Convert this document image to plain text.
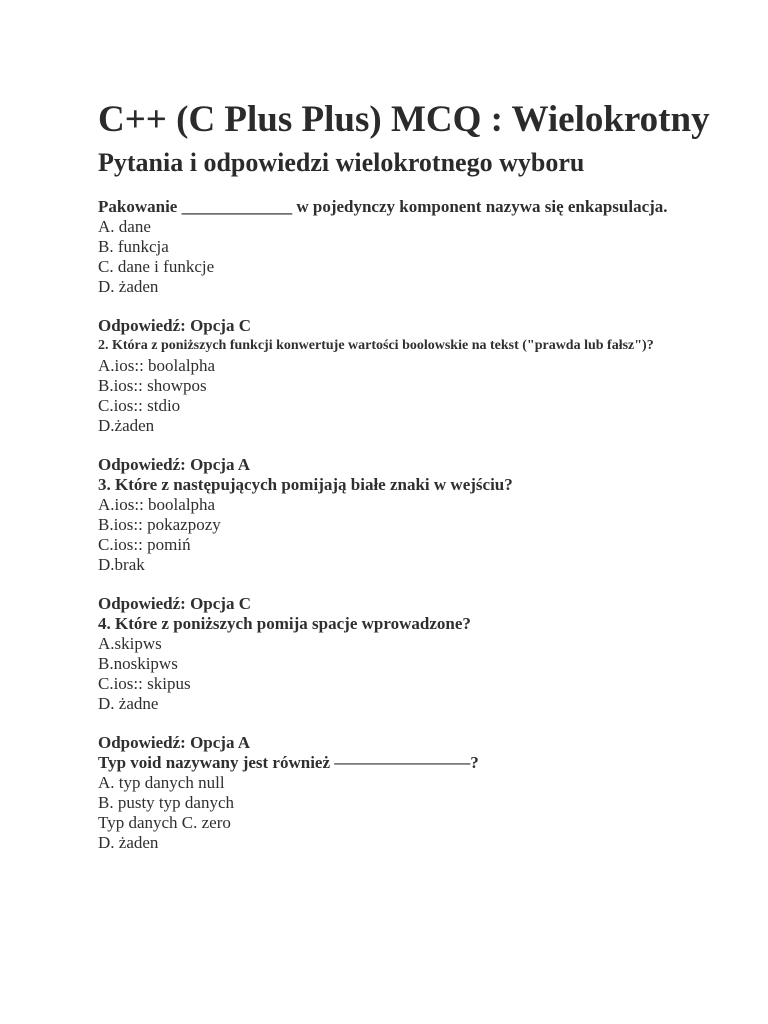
C++ (C Plus Plus) MCQ : Wielokrotny
Pytania i odpowiedzi wielokrotnego wyboru
Pakowanie _____________ w pojedynczy komponent nazywa się enkapsulacja.
A. dane
B. funkcja
C. dane i funkcje
D. żaden
Odpowiedź: Opcja C
2. Która z poniższych funkcji konwertuje wartości boolowskie na tekst ("prawda lub fałsz")?
A.ios:: boolalpha
B.ios:: showpos
C.ios:: stdio
D.żaden
Odpowiedź: Opcja A
3. Które z następujących pomijają białe znaki w wejściu?
A.ios:: boolalpha
B.ios:: pokazpozy
C.ios:: pomiń
D.brak
Odpowiedź: Opcja C
4. Które z poniższych pomija spacje wprowadzone?
A.skipws
B.noskipws
C.ios:: skipus
D. żadne
Odpowiedź: Opcja A
Typ void nazywany jest również ————————?
A. typ danych null
B. pusty typ danych
Typ danych C. zero
D. żaden
